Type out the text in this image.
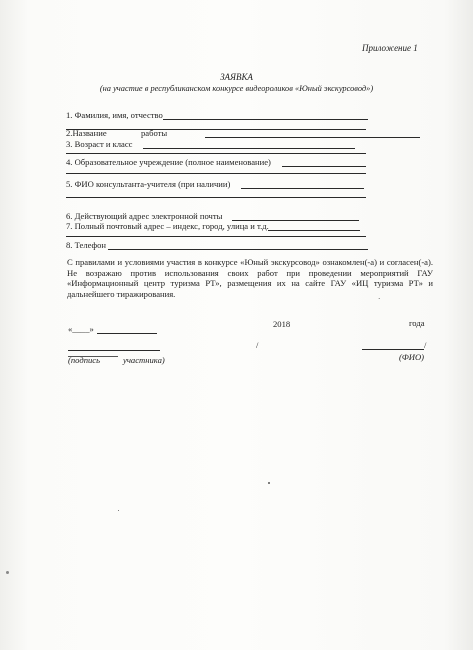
Приложение 1
ЗАЯВКА
(на участие в республиканском конкурсе видеороликов «Юный экскурсовод»)
1. Фамилия, имя, отчество
2.Название	работы
3. Возраст и класс
4. Образовательное учреждение (полное наименование)
5. ФИО консультанта-учителя (при наличии)
6. Действующий адрес электронной почты
7. Полный почтовый адрес – индекс, город, улица и т.д.
8. Телефон
С правилами и условиями участия в конкурсе «Юный экскурсовод» ознакомлен(-а) и согласен(-а). Не возражаю против использования своих работ при проведении мероприятий ГАУ «Информационный центр туризма РТ», размещения их на сайте ГАУ «ИЦ туризма РТ» и дальнейшего тиражирования.
·
«____»	2018	года
/	/
(подпись	участника)	(ФИО)
